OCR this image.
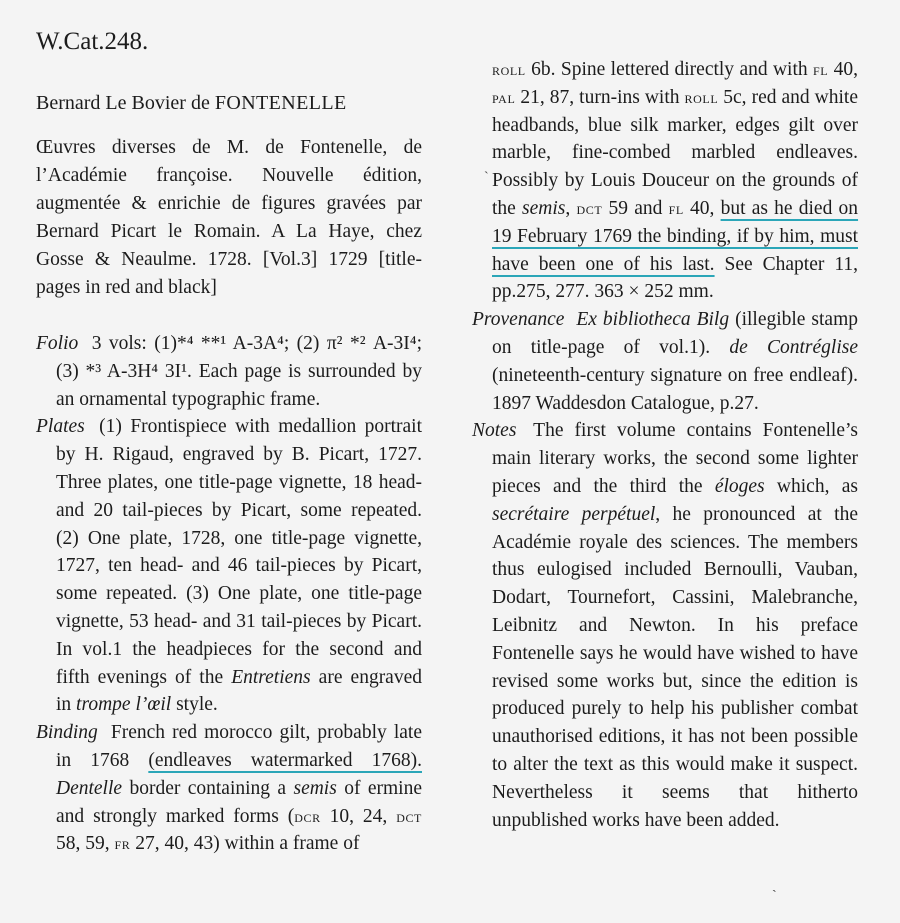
W.Cat.248.
Bernard Le Bovier de FONTENELLE
Œuvres diverses de M. de Fontenelle, de l’Académie françoise. Nouvelle édition, augmentée & enrichie de figures gravées par Bernard Picart le Romain. A La Haye, chez Gosse & Neaulme. 1728. [Vol.3] 1729 [title-pages in red and black]

Folio 3 vols: (1)*⁴ **¹ A-3A⁴; (2) π² *² A-3I⁴; (3) *³ A-3H⁴ 3I¹. Each page is surrounded by an ornamental typographic frame.

Plates (1) Frontispiece with medallion portrait by H. Rigaud, engraved by B. Picart, 1727. Three plates, one title-page vignette, 18 head- and 20 tail-pieces by Picart, some repeated. (2) One plate, 1728, one title-page vignette, 1727, ten head- and 46 tail-pieces by Picart, some repeated. (3) One plate, one title-page vignette, 53 head- and 31 tail-pieces by Picart. In vol.1 the headpieces for the second and fifth evenings of the Entretiens are engraved in trompe l’œil style.

Binding French red morocco gilt, probably late in 1768 (endleaves watermarked 1768). Dentelle border containing a semis of ermine and strongly marked forms (dcr 10, 24, dct 58, 59, fr 27, 40, 43) within a frame of

roll 6b. Spine lettered directly and with fl 40, pal 21, 87, turn-ins with roll 5c, red and white headbands, blue silk marker, edges gilt over marble, fine-combed marbled endleaves. Possibly by Louis Douceur on the grounds of the semis, dct 59 and fl 40, but as he died on 19 February 1769 the binding, if by him, must have been one of his last. See Chapter 11, pp.275, 277. 363 × 252 mm.

Provenance Ex bibliotheca Bilg (illegible stamp on title-page of vol.1). de Contréglise (nineteenth-century signature on free endleaf). 1897 Waddesdon Catalogue, p.27.

Notes The first volume contains Fontenelle’s main literary works, the second some lighter pieces and the third the éloges which, as secrétaire perpétuel, he pronounced at the Académie royale des sciences. The members thus eulogised included Bernoulli, Vauban, Dodart, Tournefort, Cassini, Malebranche, Leibnitz and Newton. In his preface Fontenelle says he would have wished to have revised some works but, since the edition is produced purely to help his publisher combat unauthorised editions, it has not been possible to alter the text as this would make it suspect. Nevertheless it seems that hitherto unpublished works have been added.

ˋ
ˏ
